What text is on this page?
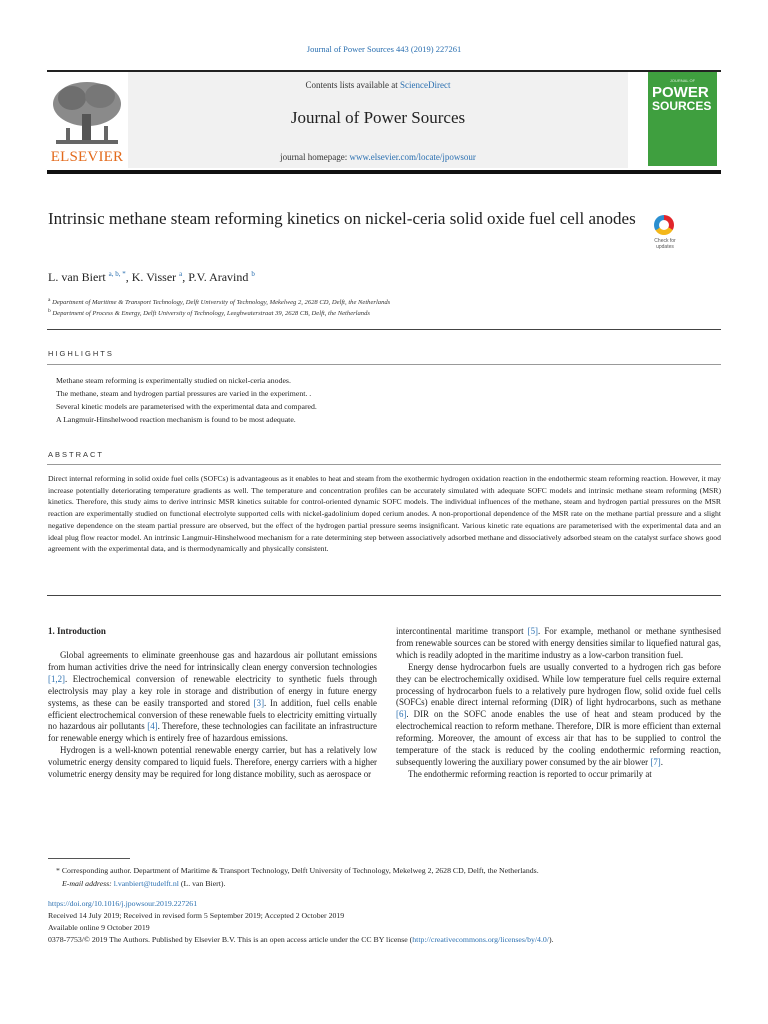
Journal of Power Sources 443 (2019) 227261
ELSEVIER
Contents lists available at ScienceDirect
Journal of Power Sources
journal homepage: www.elsevier.com/locate/jpowsour
JOURNAL OF
POWER
SOURCES
Intrinsic methane steam reforming kinetics on nickel-ceria solid oxide fuel cell anodes
Check for
updates
L. van Biert $^{a, b, *}$, K. Visser $^a$, P.V. Aravind $^b$
$^a$ Department of Maritime & Transport Technology, Delft University of Technology, Mekelweg 2, 2628 CD, Delft, the Netherlands
$^b$ Department of Process & Energy, Delft University of Technology, Leeghwaterstraat 39, 2628 CB, Delft, the Netherlands
HIGHLIGHTS
Methane steam reforming is experimentally studied on nickel-ceria anodes.
The methane, steam and hydrogen partial pressures are varied in the experiment. .
Several kinetic models are parameterised with the experimental data and compared.
A Langmuir-Hinshelwood reaction mechanism is found to be most adequate.
ABSTRACT
Direct internal reforming in solid oxide fuel cells (SOFCs) is advantageous as it enables to heat and steam from the exothermic hydrogen oxidation reaction in the endothermic steam reforming reaction. However, it may increase potentially deteriorating temperature gradients as well. The temperature and concentration profiles can be accurately simulated with adequate SOFC models and intrinsic methane steam reforming (MSR) kinetics. Therefore, this study aims to derive intrinsic MSR kinetics suitable for control-oriented dynamic SOFC models. The individual influences of the methane, steam and hydrogen partial pressures on the MSR reaction are experimentally studied on functional electrolyte supported cells with nickel-gadolinium doped cerium anodes. A non-proportional dependence of the MSR rate on the methane partial pressure and a slight negative dependence on the steam partial pressure are observed, but the effect of the hydrogen partial pressure seems insignificant. Various kinetic rate equations are parameterised with the experimental data and an ideal plug flow reactor model. An intrinsic Langmuir-Hinshelwood mechanism for a rate determining step between associatively adsorbed methane and dissociatively adsorbed steam on the catalyst surface shows good agreement with the experimental data, and is thermodynamically and physically consistent.
1. Introduction

Global agreements to eliminate greenhouse gas and hazardous air pollutant emissions from human activities drive the need for intrinsically clean energy conversion technologies [1,2]. Electrochemical conversion of renewable electricity to synthetic fuels through electrolysis may play a key role in storage and distribution of energy in future energy systems, as these can be easily transported and stored [3]. In addition, fuel cells enable efficient electrochemical conversion of these renewable fuels to electricity emitting virtually no hazardous air pollutants [4]. Therefore, these technologies can facilitate an infrastructure for renewable energy which is entirely free of hazardous emissions.

Hydrogen is a well-known potential renewable energy carrier, but has a relatively low volumetric energy density compared to liquid fuels. Therefore, energy carriers with a higher volumetric energy density may be required for long distance mobility, such as aerospace or

intercontinental maritime transport [5]. For example, methanol or methane synthesised from renewable sources can be stored with energy densities similar to liquefied natural gas, which is readily adopted in the maritime industry as a low-carbon transition fuel.

Energy dense hydrocarbon fuels are usually converted to a hydrogen rich gas before they can be electrochemically oxidised. While low temperature fuel cells require external processing of hydrocarbon fuels to a relatively pure hydrogen flow, solid oxide fuel cells (SOFCs) enable direct internal reforming (DIR) of light hydrocarbons, such as methane [6]. DIR on the SOFC anode enables the use of heat and steam produced by the electrochemical reaction to reform methane. Therefore, DIR is more efficient than external reforming. Moreover, the amount of excess air that has to be supplied to control the temperature of the stack is reduced by the cooling endothermic reforming reaction, subsequently lowering the auxiliary power consumed by the air blower [7].

The endothermic reforming reaction is reported to occur primarily at

* Corresponding author. Department of Maritime & Transport Technology, Delft University of Technology, Mekelweg 2, 2628 CD, Delft, the Netherlands.
E-mail address: l.vanbiert@tudelft.nl (L. van Biert).
https://doi.org/10.1016/j.jpowsour.2019.227261
Received 14 July 2019; Received in revised form 5 September 2019; Accepted 2 October 2019
Available online 9 October 2019
0378-7753/© 2019 The Authors. Published by Elsevier B.V. This is an open access article under the CC BY license (http://creativecommons.org/licenses/by/4.0/).
